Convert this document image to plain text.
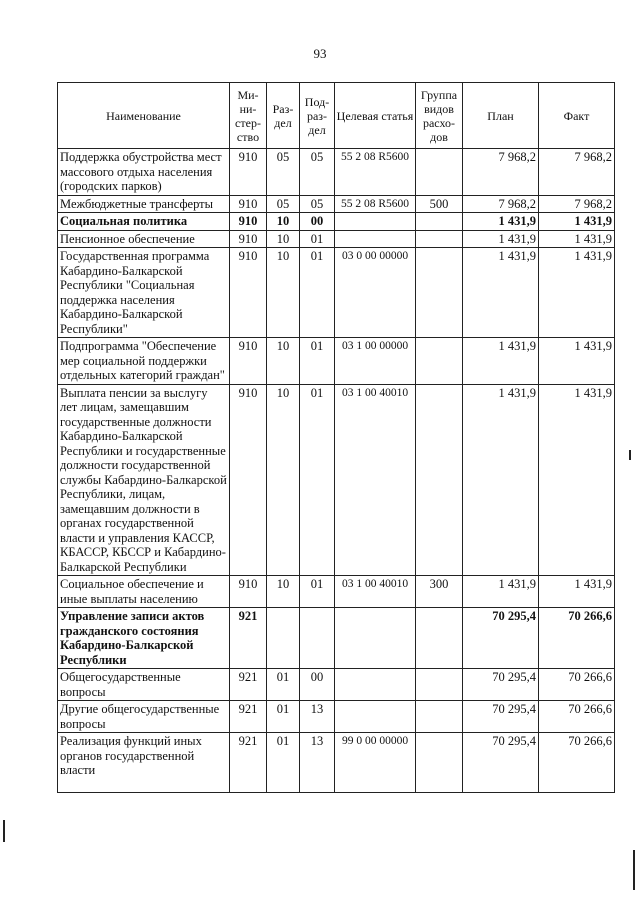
93
Наименование	Ми-ни-стер-ство	Раз-дел	Под-раз-дел	Целевая статья	Группа видов расхо-дов	План	Факт
Поддержка обустройства мест массового отдыха населения (городских парков)	910	05	05	55 2 08 R5600		7 968,2	7 968,2
Межбюджетные трансферты	910	05	05	55 2 08 R5600	500	7 968,2	7 968,2
Социальная политика	910	10	00			1 431,9	1 431,9
Пенсионное обеспечение	910	10	01			1 431,9	1 431,9
Государственная программа Кабардино-Балкарской Республики "Социальная поддержка населения Кабардино-Балкарской Республики"	910	10	01	03 0 00 00000		1 431,9	1 431,9
Подпрограмма "Обеспечение мер социальной поддержки отдельных категорий граждан"	910	10	01	03 1 00 00000		1 431,9	1 431,9
Выплата пенсии за выслугу лет лицам, замещавшим государственные должности Кабардино-Балкарской Республики и государственные должности государственной службы Кабардино-Балкарской Республики, лицам, замещавшим должности в органах государственной власти и управления КАССР, КБАССР, КБССР и Кабардино-Балкарской Республики	910	10	01	03 1 00 40010		1 431,9	1 431,9
Социальное обеспечение и иные выплаты населению	910	10	01	03 1 00 40010	300	1 431,9	1 431,9
Управление записи актов гражданского состояния Кабардино-Балкарской Республики	921					70 295,4	70 266,6
Общегосударственные вопросы	921	01	00			70 295,4	70 266,6
Другие общегосударственные вопросы	921	01	13			70 295,4	70 266,6
Реализация функций иных органов государственной власти	921	01	13	99 0 00 00000		70 295,4	70 266,6
